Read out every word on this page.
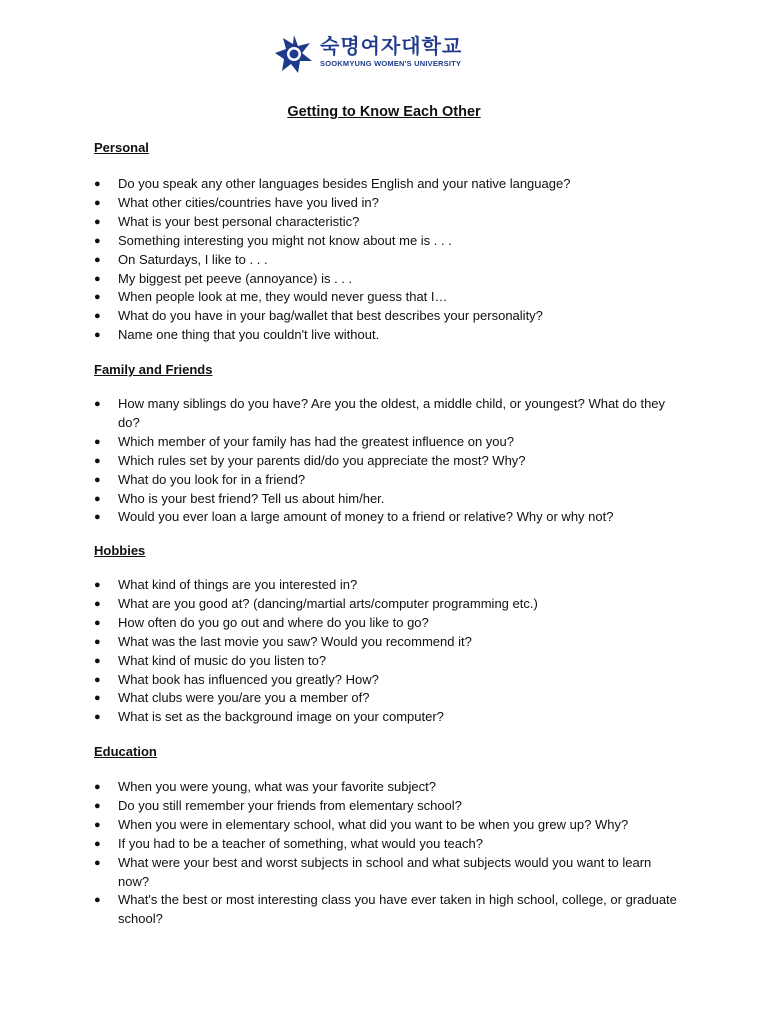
숙명여자대학교
SOOKMYUNG WOMEN'S UNIVERSITY
Getting to Know Each Other
Personal
● Do you speak any other languages besides English and your native language?
● What other cities/countries have you lived in?
● What is your best personal characteristic?
● Something interesting you might not know about me is . . .
● On Saturdays, I like to . . .
● My biggest pet peeve (annoyance) is . . .
● When people look at me, they would never guess that I…
● What do you have in your bag/wallet that best describes your personality?
● Name one thing that you couldn't live without.
Family and Friends
● How many siblings do you have? Are you the oldest, a middle child, or youngest? What do they do?
● Which member of your family has had the greatest influence on you?
● Which rules set by your parents did/do you appreciate the most? Why?
● What do you look for in a friend?
● Who is your best friend? Tell us about him/her.
● Would you ever loan a large amount of money to a friend or relative? Why or why not?
Hobbies
● What kind of things are you interested in?
● What are you good at? (dancing/martial arts/computer programming etc.)
● How often do you go out and where do you like to go?
● What was the last movie you saw? Would you recommend it?
● What kind of music do you listen to?
● What book has influenced you greatly? How?
● What clubs were you/are you a member of?
● What is set as the background image on your computer?
Education
● When you were young, what was your favorite subject?
● Do you still remember your friends from elementary school?
● When you were in elementary school, what did you want to be when you grew up? Why?
● If you had to be a teacher of something, what would you teach?
● What were your best and worst subjects in school and what subjects would you want to learn now?
● What's the best or most interesting class you have ever taken in high school, college, or graduate school?
